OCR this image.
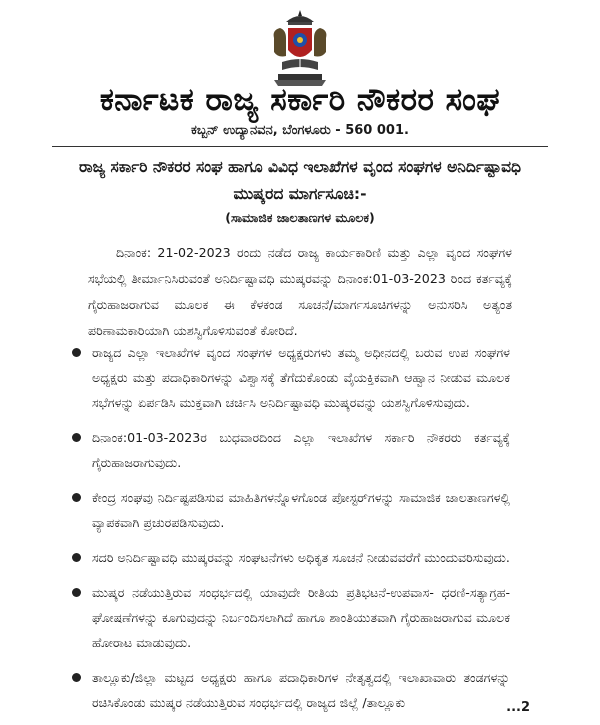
ಕರ್ನಾಟಕ ರಾಜ್ಯ ಸರ್ಕಾರಿ ನೌಕರರ ಸಂಘ
ಕಬ್ಬನ್ ಉದ್ಯಾನವನ, ಬೆಂಗಳೂರು - 560 001.
ರಾಜ್ಯ ಸರ್ಕಾರಿ ನೌಕರರ ಸಂಘ ಹಾಗೂ ವಿವಿಧ ಇಲಾಖೆಗಳ ವೃಂದ ಸಂಘಗಳ ಅನಿರ್ದಿಷ್ಟಾವಧಿ ಮುಷ್ಕರದ ಮಾರ್ಗಸೂಚಿ:-
(ಸಾಮಾಜಿಕ ಜಾಲತಾಣಗಳ ಮೂಲಕ)
ದಿನಾಂಕ: 21-02-2023 ರಂದು ನಡೆದ ರಾಜ್ಯ ಕಾರ್ಯಕಾರಿಣಿ ಮತ್ತು ಎಲ್ಲಾ ವೃಂದ ಸಂಘಗಳ ಸಭೆಯಲ್ಲಿ ತೀರ್ಮಾನಿಸಿರುವಂತೆ ಅನಿರ್ದಿಷ್ಟಾವಧಿ ಮುಷ್ಕರವನ್ನು ದಿನಾಂಕ:01-03-2023 ರಿಂದ ಕರ್ತವ್ಯಕ್ಕೆ ಗೈರುಹಾಜರಾಗುವ ಮೂಲಕ ಈ ಕೆಳಕಂಡ ಸೂಚನೆ/ಮಾರ್ಗಸೂಚಿಗಳನ್ನು ಅನುಸರಿಸಿ ಅತ್ಯಂತ ಪರಿಣಾಮಕಾರಿಯಾಗಿ ಯಶಸ್ವಿಗೊಳಿಸುವಂತೆ ಕೋರಿದೆ.
ರಾಜ್ಯದ ಎಲ್ಲಾ ಇಲಾಖೆಗಳ ವೃಂದ ಸಂಘಗಳ ಅಧ್ಯಕ್ಷರುಗಳು ತಮ್ಮ ಅಧೀನದಲ್ಲಿ ಬರುವ ಉಪ ಸಂಘಗಳ ಅಧ್ಯಕ್ಷರು ಮತ್ತು ಪದಾಧಿಕಾರಿಗಳನ್ನು ವಿಶ್ವಾಸಕ್ಕೆ ತೆಗೆದುಕೊಂಡು ವೈಯಕ್ತಿಕವಾಗಿ ಆಹ್ವಾನ ನೀಡುವ ಮೂಲಕ ಸಭೆಗಳನ್ನು ಏರ್ಪಡಿಸಿ ಮುಕ್ತವಾಗಿ ಚರ್ಚಿಸಿ ಅನಿರ್ದಿಷ್ಟಾವಧಿ ಮುಷ್ಕರವನ್ನು ಯಶಸ್ವಿಗೊಳಿಸುವುದು.
ದಿನಾಂಕ:01-03-2023ರ ಬುಧವಾರದಿಂದ ಎಲ್ಲಾ ಇಲಾಖೆಗಳ ಸರ್ಕಾರಿ ನೌಕರರು ಕರ್ತವ್ಯಕ್ಕೆ ಗೈರುಹಾಜರಾಗುವುದು.
ಕೇಂದ್ರ ಸಂಘವು ನಿರ್ದಿಷ್ಟಪಡಿಸುವ ಮಾಹಿತಿಗಳನ್ನೊಳಗೊಂಡ ಪೋಸ್ಟರ್‌ಗಳನ್ನು ಸಾಮಾಜಿಕ ಜಾಲತಾಣಗಳಲ್ಲಿ ವ್ಯಾಪಕವಾಗಿ ಪ್ರಚುರಪಡಿಸುವುದು.
ಸದರಿ ಅನಿರ್ದಿಷ್ಟಾವಧಿ ಮುಷ್ಕರವನ್ನು ಸಂಘಟನೆಗಳು ಅಧಿಕೃತ ಸೂಚನೆ ನೀಡುವವರೆಗೆ ಮುಂದುವರಿಸುವುದು.
ಮುಷ್ಕರ ನಡೆಯುತ್ತಿರುವ ಸಂಧರ್ಭದಲ್ಲಿ ಯಾವುದೇ ರೀತಿಯ ಪ್ರತಿಭಟನೆ-ಉಪವಾಸ- ಧರಣಿ-ಸತ್ಯಾಗ್ರಹ-ಘೋಷಣೆಗಳನ್ನು ಕೂಗುವುದನ್ನು ನಿರ್ಬಂದಿಸಲಾಗಿದೆ ಹಾಗೂ ಶಾಂತಿಯುತವಾಗಿ ಗೈರುಹಾಜರಾಗುವ ಮೂಲಕ ಹೋರಾಟ ಮಾಡುವುದು.
ತಾಲ್ಲೂಕು/ಜಿಲ್ಲಾ ಮಟ್ಟದ ಅಧ್ಯಕ್ಷರು ಹಾಗೂ ಪದಾಧಿಕಾರಿಗಳ ನೇತೃತ್ವದಲ್ಲಿ ಇಲಾಖಾವಾರು ತಂಡಗಳನ್ನು ರಚಿಸಿಕೊಂಡು ಮುಷ್ಕರ ನಡೆಯುತ್ತಿರುವ ಸಂಧರ್ಭದಲ್ಲಿ ರಾಜ್ಯದ ಜಿಲ್ಲೆ /ತಾಲ್ಲೂಕು	...2
